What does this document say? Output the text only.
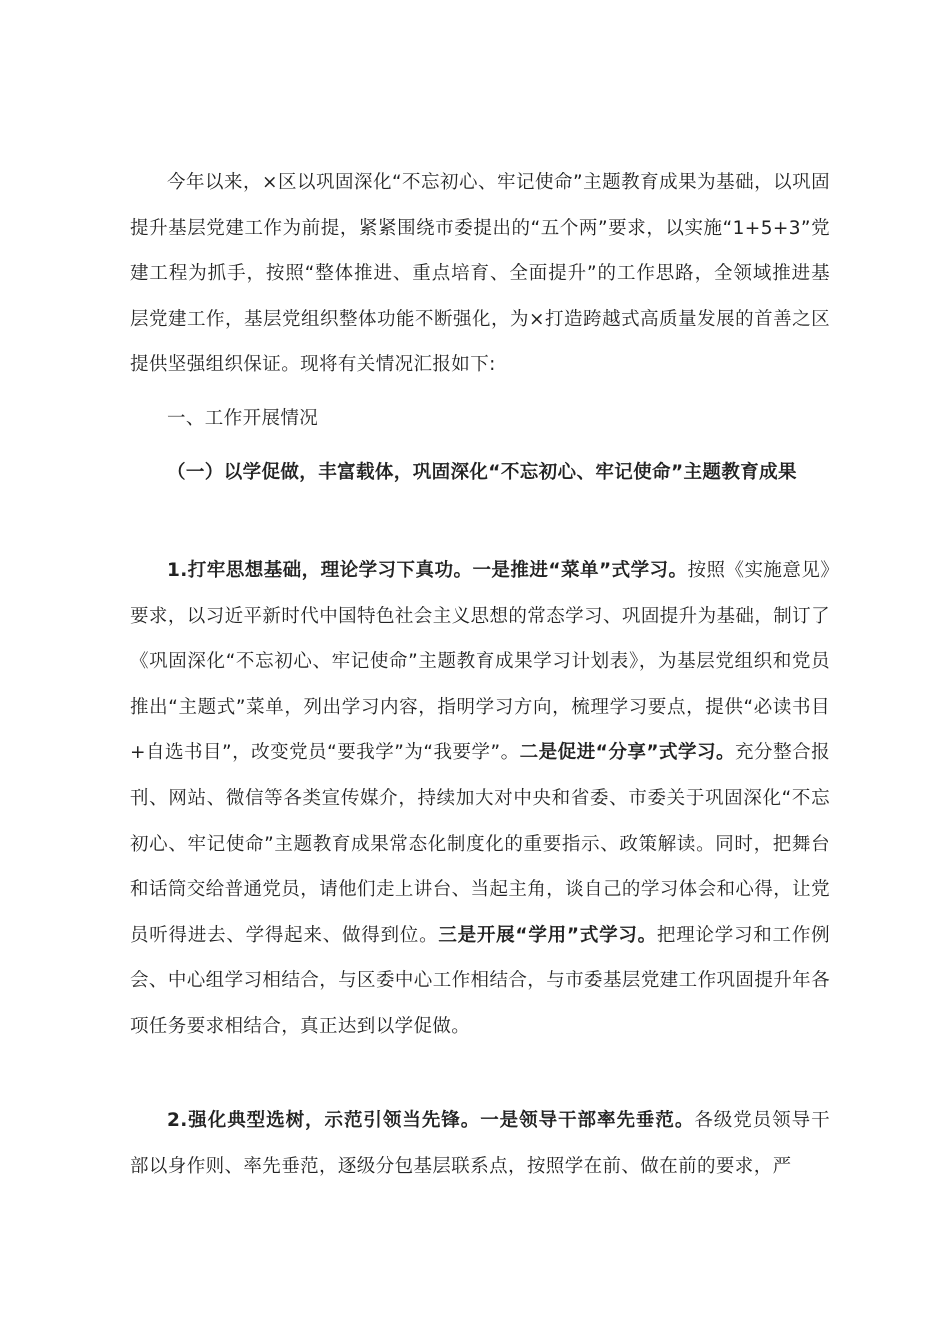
今年以来，×区以巩固深化“不忘初心、牢记使命”主题教育成果为基础，以巩固提升基层党建工作为前提，紧紧围绕市委提出的“五个两”要求，以实施“1+5+3”党建工程为抓手，按照“整体推进、重点培育、全面提升”的工作思路，全领域推进基层党建工作，基层党组织整体功能不断强化，为×打造跨越式高质量发展的首善之区提供坚强组织保证。现将有关情况汇报如下:

一、工作开展情况

（一）以学促做，丰富载体，巩固深化“不忘初心、牢记使命”主题教育成果

1.打牢思想基础，理论学习下真功。一是推进“菜单”式学习。按照《实施意见》要求，以习近平新时代中国特色社会主义思想的常态学习、巩固提升为基础，制订了《巩固深化“不忘初心、牢记使命”主题教育成果学习计划表》，为基层党组织和党员推出“主题式”菜单，列出学习内容，指明学习方向，梳理学习要点，提供“必读书目+自选书目”，改变党员“要我学”为“我要学”。二是促进“分享”式学习。充分整合报刊、网站、微信等各类宣传媒介，持续加大对中央和省委、市委关于巩固深化“不忘初心、牢记使命”主题教育成果常态化制度化的重要指示、政策解读。同时，把舞台和话筒交给普通党员，请他们走上讲台、当起主角，谈自己的学习体会和心得，让党员听得进去、学得起来、做得到位。三是开展“学用”式学习。把理论学习和工作例会、中心组学习相结合，与区委中心工作相结合，与市委基层党建工作巩固提升年各项任务要求相结合，真正达到以学促做。

2.强化典型选树，示范引领当先锋。一是领导干部率先垂范。各级党员领导干部以身作则、率先垂范，逐级分包基层联系点，按照学在前、做在前的要求，严
